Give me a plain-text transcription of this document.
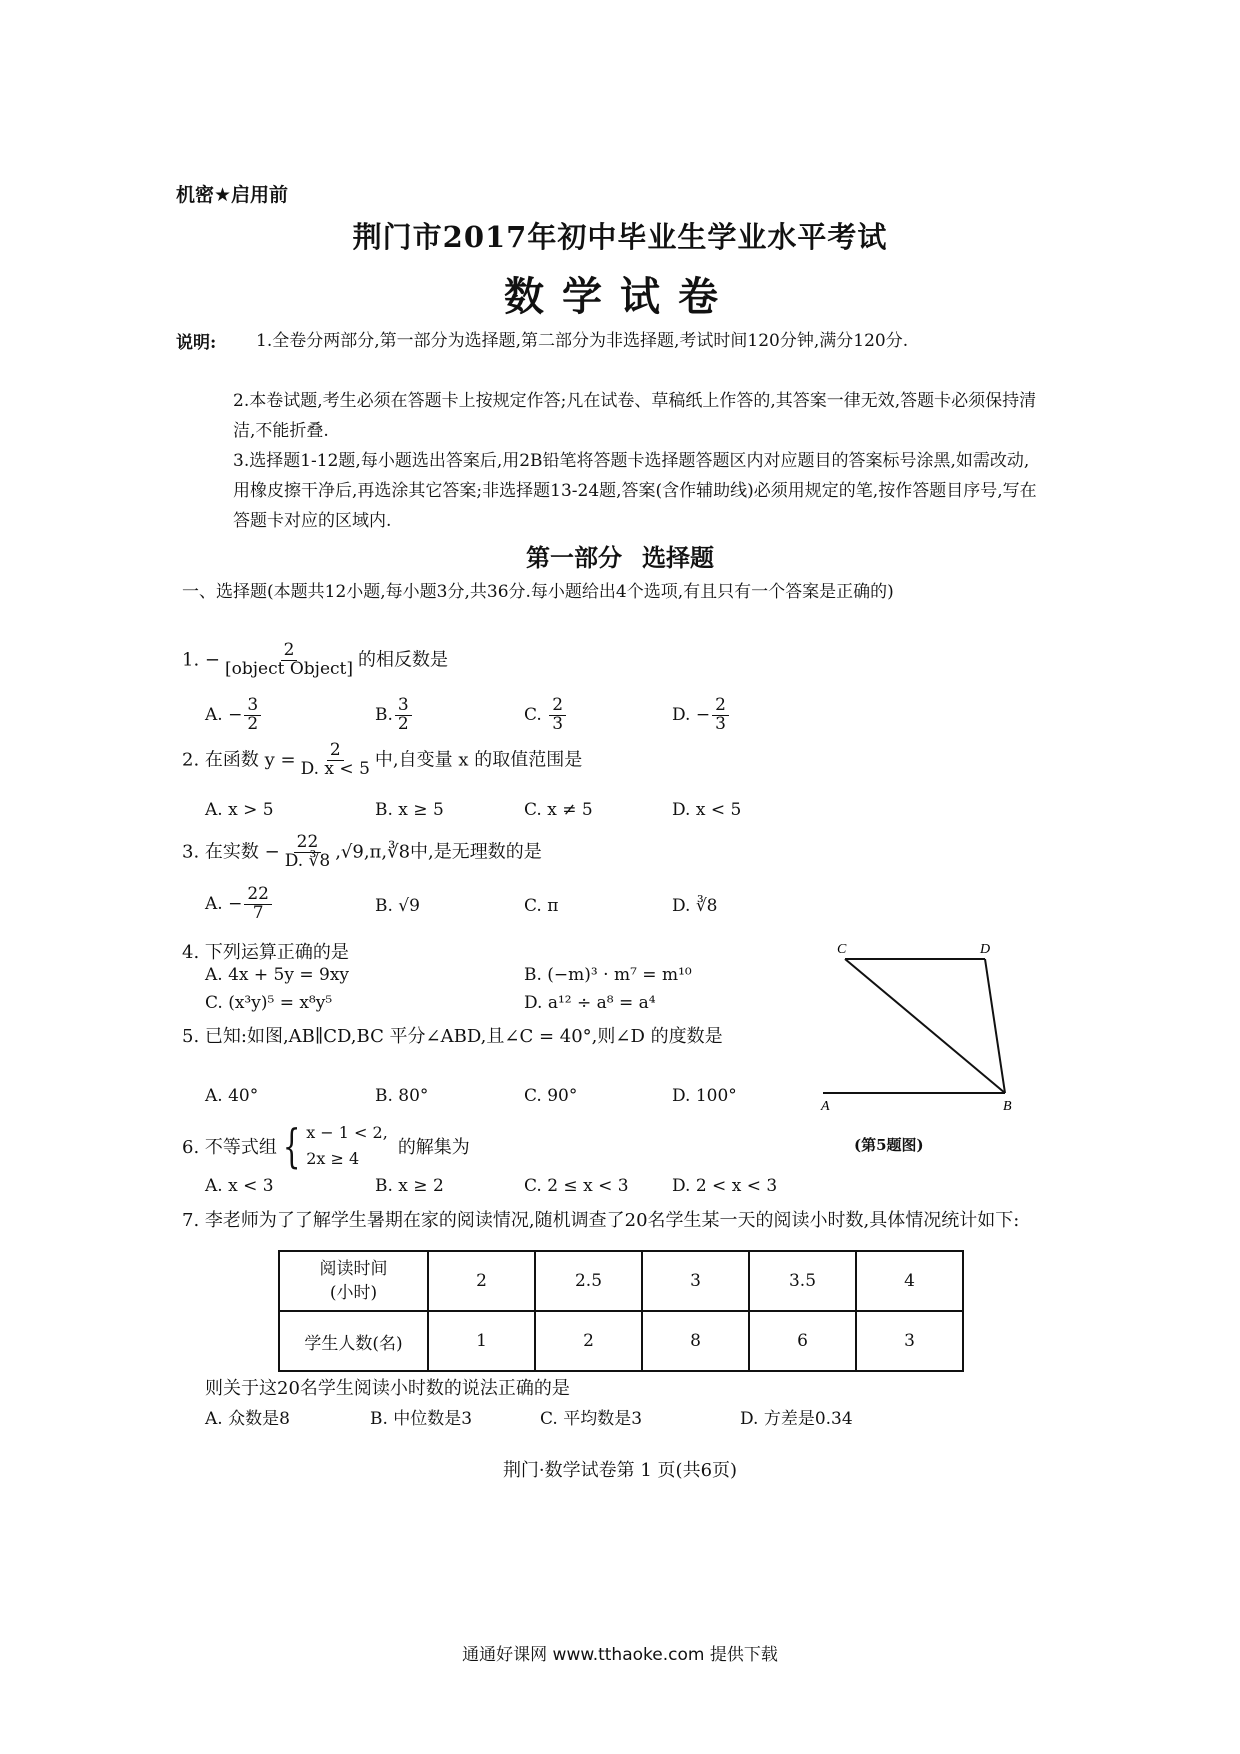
机密★启用前
荆门市2017年初中毕业生学业水平考试
数学试卷
说明: 1.全卷分两部分,第一部分为选择题,第二部分为非选择题,考试时间120分钟,满分120分.
2.本卷试题,考生必须在答题卡上按规定作答;凡在试卷、草稿纸上作答的,其答案一律无效,答题卡必须保持清洁,不能折叠.
3.选择题1-12题,每小题选出答案后,用2B铅笔将答题卡选择题答题区内对应题目的答案标号涂黑,如需改动,用橡皮擦干净后,再选涂其它答案;非选择题13-24题,答案(含作辅助线)必须用规定的笔,按作答题目序号,写在答题卡对应的区域内.
第一部分 选择题
一、选择题(本题共12小题,每小题3分,共36分.每小题给出4个选项,有且只有一个答案是正确的)
1. − $\frac{2}{\text{[object Object]}}$ 的相反数是
A. − $\frac{3}{2}$	B. $\frac{3}{2}$	C. $\frac{2}{3}$	D. − $\frac{2}{3}$
2. 在函数 $y = \frac{2}{D. x < 5}$ 中,自变量 x 的取值范围是
A. x > 5	B. x ≥ 5	C. x ≠ 5	D. x < 5
3. 在实数 − $\frac{22}{D. ∛8}$ ,√9,π,∛8中,是无理数的是
A. − $\frac{22}{7}$	B. √9	C. π	D. ∛8
4. 下列运算正确的是
A. 4x + 5y = 9xy	B. (−m)³ · m⁷ = m¹⁰
C. (x³y)⁵ = x⁸y⁵	D. a¹² ÷ a⁸ = a⁴
5. 已知:如图,AB∥CD,BC 平分∠ABD,且∠C = 40°,则∠D 的度数是
A. 40°	B. 80°	C. 90°	D. 100°
C	D
A	B
(第5题图)
6. 不等式组 { x − 1 < 2,
2x ≥ 4
的解集为
A. x < 3	B. x ≥ 2	C. 2 ≤ x < 3	D. 2 < x < 3
7. 李老师为了了解学生暑期在家的阅读情况,随机调查了20名学生某一天的阅读小时数,具体情况统计如下:
阅读时间
(小时)	2	2.5	3	3.5	4
学生人数(名)	1	2	8	6	3
则关于这20名学生阅读小时数的说法正确的是
A. 众数是8	B. 中位数是3	C. 平均数是3	D. 方差是0.34
荆门·数学试卷第 1 页(共6页)
通通好课网 www.tthaoke.com 提供下载
